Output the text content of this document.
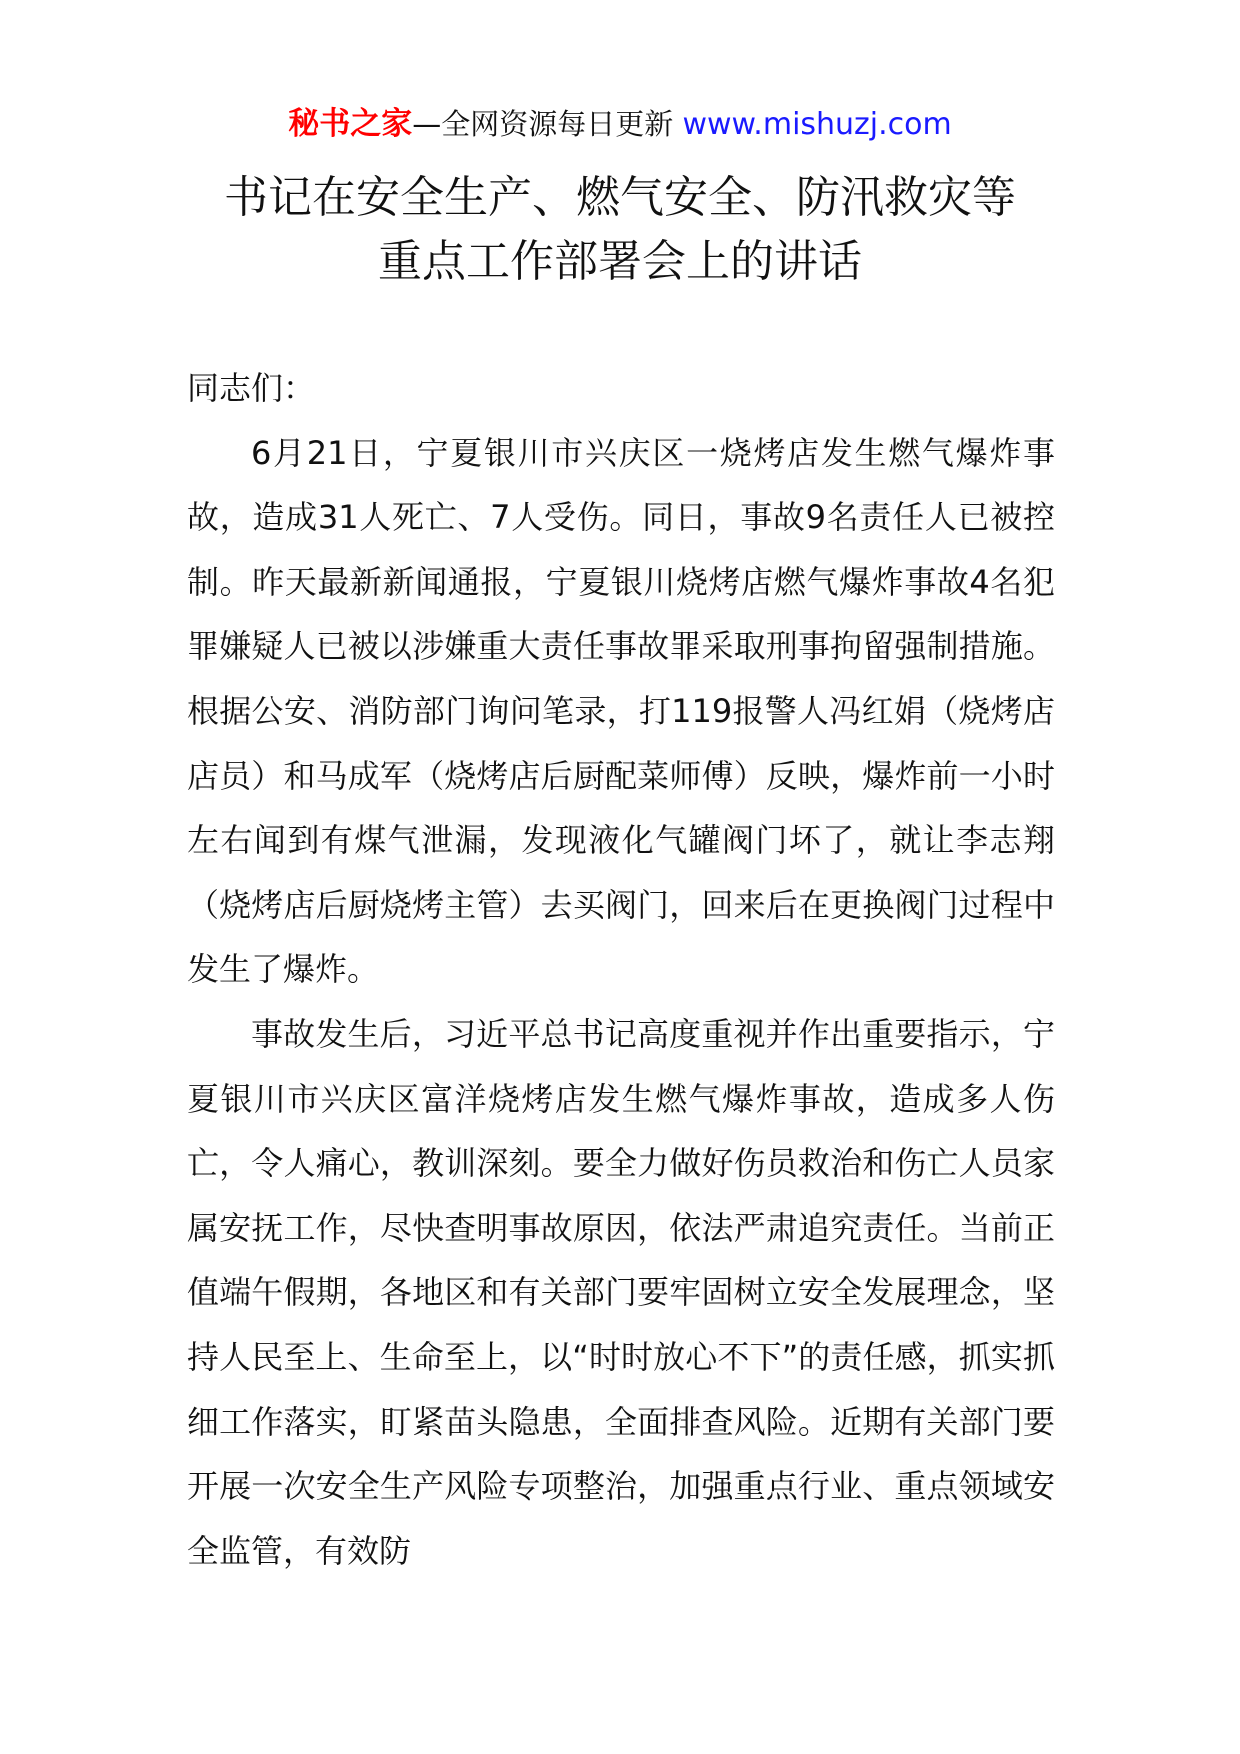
秘书之家—全网资源每日更新 www.mishuzj.com
书记在安全生产、燃气安全、防汛救灾等
重点工作部署会上的讲话

同志们：

6月21日，宁夏银川市兴庆区一烧烤店发生燃气爆炸事故，造成31人死亡、7人受伤。同日，事故9名责任人已被控制。昨天最新新闻通报，宁夏银川烧烤店燃气爆炸事故4名犯罪嫌疑人已被以涉嫌重大责任事故罪采取刑事拘留强制措施。根据公安、消防部门询问笔录，打119报警人冯红娟（烧烤店店员）和马成军（烧烤店后厨配菜师傅）反映，爆炸前一小时左右闻到有煤气泄漏，发现液化气罐阀门坏了，就让李志翔（烧烤店后厨烧烤主管）去买阀门，回来后在更换阀门过程中发生了爆炸。

事故发生后，习近平总书记高度重视并作出重要指示，宁夏银川市兴庆区富洋烧烤店发生燃气爆炸事故，造成多人伤亡，令人痛心，教训深刻。要全力做好伤员救治和伤亡人员家属安抚工作，尽快查明事故原因，依法严肃追究责任。当前正值端午假期，各地区和有关部门要牢固树立安全发展理念，坚持人民至上、生命至上，以“时时放心不下”的责任感，抓实抓细工作落实，盯紧苗头隐患，全面排查风险。近期有关部门要开展一次安全生产风险专项整治，加强重点行业、重点领域安全监管，有效防
